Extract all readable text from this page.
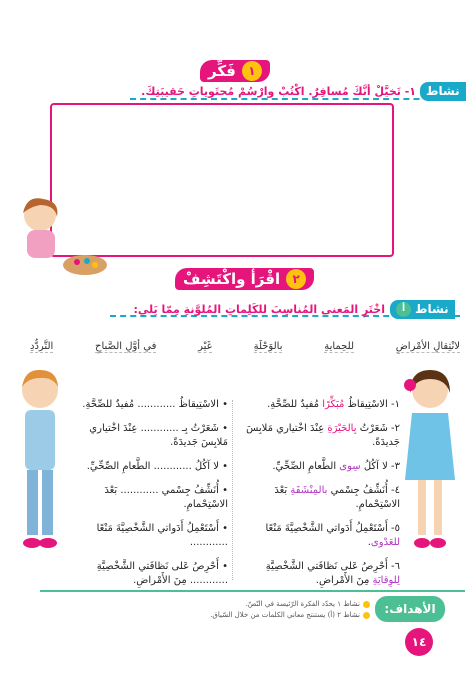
١
فَكِّر
نشاط
١- تَخيَّلْ أنَّكَ مُسافِرٌ. اكْتُبْ وارْسُمْ مُحتَوياتِ حَقيبَتِكَ.
٢
اقْرَأْ واكْتَشِفْ
أ نشاط
اخْتَرِ المَعنى المُناسِبَ للكَلِماتِ المُلوَّنةِ مِمّا يَلي:
لانْتِقالِ الأمْراضِ
للحِمايةِ
بالوَحْلَةِ
غَيْر
في أوَّلِ الصَّباحِ
التَّردُّدِ
١- الاسْتِيقاظُ مُبَكِّرًا مُفيدٌ للصِّحَّةِ.
٢- شَعَرْتُ بِالحَيْرَةِ عِنْدَ اخْتياري مَلابِسَ جَديدَةً.
٣- لا آكُلُ سِوى الطَّعامِ الصِّحِّيِّ.
٤- أُنَشِّفُ جِسْمي بالمِنْشَفَةِ بَعْدَ الاسْتِحْمامِ.
٥- أَسْتَعْمِلُ أَدَواتي الشَّخْصِيَّةَ مَنْعًا للعَدْوى.
٦- أَحْرِصُ عَلى نَظافَتي الشَّخْصِيَّةِ لِلوِقايَةِ مِنَ الأَمْراضِ.
• الاسْتِيقاظُ ............ مُفيدٌ للصِّحَّةِ.
• شَعَرْتُ بِـ ............ عِنْدَ اخْتياري مَلابِسَ جَديدَةً.
• لا آكُلُ ............ الطَّعامِ الصِّحِّيِّ.
• أُنَشِّفُ جِسْمي ............ بَعْدَ الاسْتِحْمامِ.
• أَسْتَعْمِلُ أَدَواتي الشَّخْصِيَّةَ مَنْعًا ............
• أَحْرِصُ عَلى نَظافَتي الشَّخْصِيَّةِ ............ مِنَ الأَمْراضِ.
الأهداف:
نشاط ١ يحدّد الفكرة الرّئيسة في النّصّ.
نشاط ٢ (أ) يستنتج معاني الكلمات من خلال السّياق.
١٤
